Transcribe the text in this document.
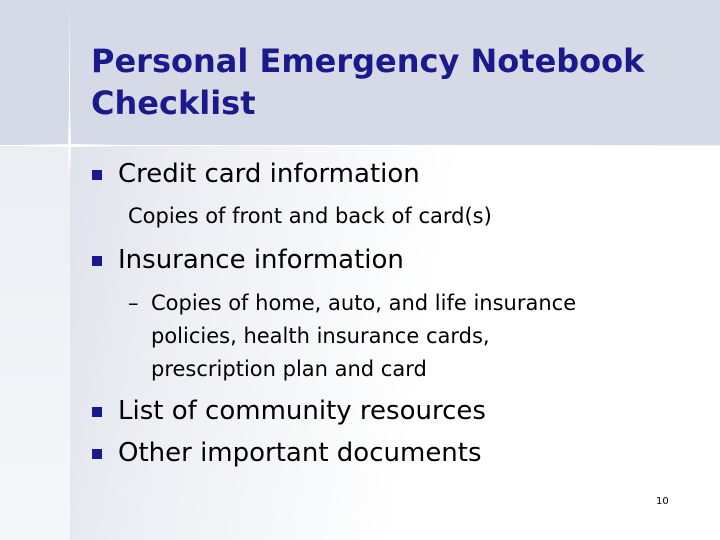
Personal Emergency Notebook
Checklist
Credit card information
Copies of front and back of card(s)
Insurance information
– Copies of home, auto, and life insurance
policies, health insurance cards,
prescription plan and card
List of community resources
Other important documents
10
